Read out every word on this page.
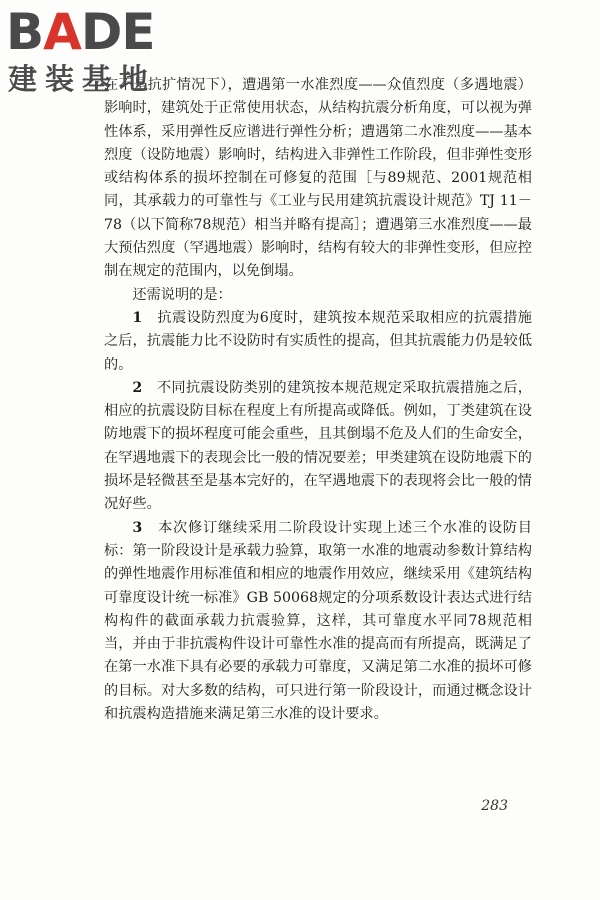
BADE
建装基地

在不是抗扩情况下），遭遇第一水准烈度——众值烈度（多遇地震）影响时，建筑处于正常使用状态，从结构抗震分析角度，可以视为弹性体系，采用弹性反应谱进行弹性分析；遭遇第二水准烈度——基本烈度（设防地震）影响时，结构进入非弹性工作阶段，但非弹性变形或结构体系的损坏控制在可修复的范围［与89规范、2001规范相同，其承载力的可靠性与《工业与民用建筑抗震设计规范》TJ 11－78（以下简称78规范）相当并略有提高］；遭遇第三水准烈度——最大预估烈度（罕遇地震）影响时，结构有较大的非弹性变形，但应控制在规定的范围内，以免倒塌。

还需说明的是：

1　 抗震设防烈度为6度时，建筑按本规范采取相应的抗震措施之后，抗震能力比不设防时有实质性的提高，但其抗震能力仍是较低的。

2　 不同抗震设防类别的建筑按本规范规定采取抗震措施之后，相应的抗震设防目标在程度上有所提高或降低。例如，丁类建筑在设防地震下的损坏程度可能会重些，且其倒塌不危及人们的生命安全，在罕遇地震下的表现会比一般的情况要差；甲类建筑在设防地震下的损坏是轻微甚至是基本完好的，在罕遇地震下的表现将会比一般的情况好些。

3　 本次修订继续采用二阶段设计实现上述三个水准的设防目标：第一阶段设计是承载力验算，取第一水准的地震动参数计算结构的弹性地震作用标准值和相应的地震作用效应，继续采用《建筑结构可靠度设计统一标准》GB 50068规定的分项系数设计表达式进行结构构件的截面承载力抗震验算，这样，其可靠度水平同78规范相当，并由于非抗震构件设计可靠性水准的提高而有所提高，既满足了在第一水准下具有必要的承载力可靠度，又满足第二水准的损坏可修的目标。对大多数的结构，可只进行第一阶段设计，而通过概念设计和抗震构造措施来满足第三水准的设计要求。

283
